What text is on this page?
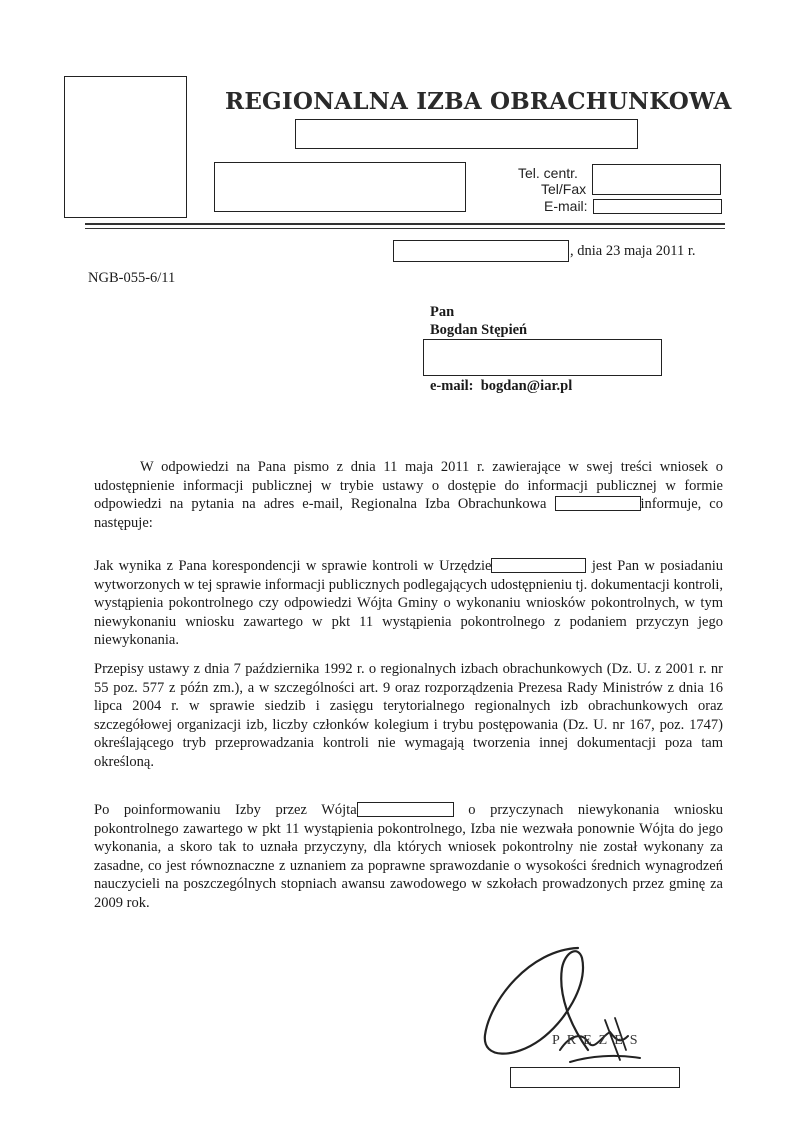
REGIONALNA IZBA OBRACHUNKOWA
Tel. centr.
Tel/Fax
E-mail:
, dnia 23 maja 2011 r.
NGB-055-6/11
Pan
Bogdan Stępień
e-mail: bogdan@iar.pl

W odpowiedzi na Pana pismo z dnia 11 maja 2011 r. zawierające w swej treści wniosek o udostępnienie informacji publicznej w trybie ustawy o dostępie do informacji publicznej w formie odpowiedzi na pytania na adres e-mail, Regionalna Izba Obrachunkowa	informuje, co następuje:

Jak wynika z Pana korespondencji w sprawie kontroli w Urzędzie	jest Pan w posiadaniu wytworzonych w tej sprawie informacji publicznych podlegających udostępnieniu tj. dokumentacji kontroli, wystąpienia pokontrolnego czy odpowiedzi Wójta Gminy o wykonaniu wniosków pokontrolnych, w tym niewykonaniu wniosku zawartego w pkt 11 wystąpienia pokontrolnego z podaniem przyczyn jego niewykonania.

Przepisy ustawy z dnia 7 października 1992 r. o regionalnych izbach obrachunkowych (Dz. U. z 2001 r. nr 55 poz. 577 z późn zm.), a w szczególności art. 9 oraz rozporządzenia Prezesa Rady Ministrów z dnia 16 lipca 2004 r. w sprawie siedzib i zasięgu terytorialnego regionalnych izb obrachunkowych oraz szczegółowej organizacji izb, liczby członków kolegium i trybu postępowania (Dz. U. nr 167, poz. 1747) określającego tryb przeprowadzania kontroli nie wymagają tworzenia innej dokumentacji poza tam określoną.

Po poinformowaniu Izby przez Wójta	o przyczynach niewykonania wniosku pokontrolnego zawartego w pkt 11 wystąpienia pokontrolnego, Izba nie wezwała ponownie Wójta do jego wykonania, a skoro tak to uznała przyczyny, dla których wniosek pokontrolny nie został wykonany za zasadne, co jest równoznaczne z uznaniem za poprawne sprawozdanie o wysokości średnich wynagrodzeń nauczycieli na poszczególnych stopniach awansu zawodowego w szkołach prowadzonych przez gminę za 2009 rok.

PREZES
